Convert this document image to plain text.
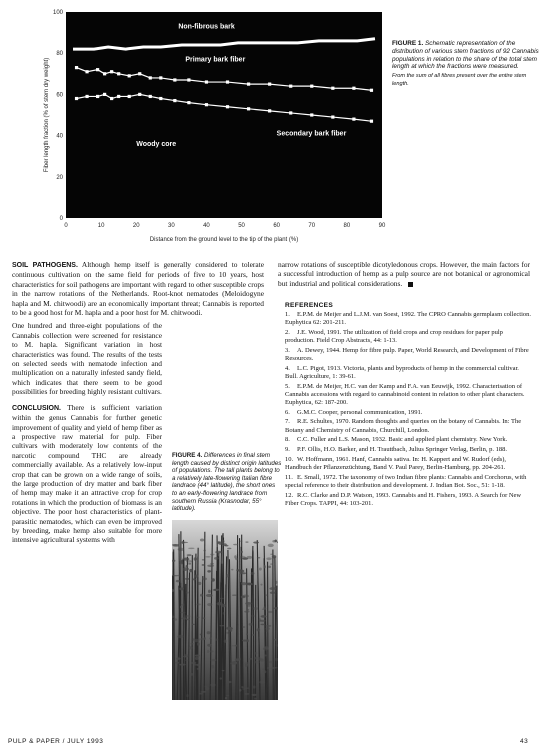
Fiber length fraction (% of stem dry weight)
Distance from the ground level to the tip of the plant (%)
0	10	20	30	40	50	60	70	80	90
0
20
40
60
80
100
Non-fibrous bark
Primary bark fiber
Woody core
Secondary bark fiber
FIGURE 1. Schematic representation of the distribution of various stem fractions of 92 Cannabis populations in relation to the share of the total stem length at which the fractions were measured.
From the sum of all fibres present over the entire stem length.

SOIL PATHOGENS. Although hemp itself is generally considered to tolerate continuous cultivation on the same field for periods of five to 10 years, host characteristics for soil pathogens are important with regard to other susceptible crops in the narrow rotations of the Netherlands. Root-knot nematodes (Meloidogyne hapla and M. chitwoodi) are an economically important threat; Cannabis is reported to be a good host for M. hapla and a poor host for M. chitwoodi.

One hundred and three-eight populations of the Cannabis collection were screened for resistance to M. hapla. Significant variation in host characteristics was found. The results of the tests on selected seeds with nematode infection and multiplication on a naturally infested sandy field, which indicates that there seem to be good possibilities for breeding highly resistant cultivars.

CONCLUSION. There is sufficient variation within the genus Cannabis for further genetic improvement of quality and yield of hemp fiber as a prospective raw material for pulp. Fiber cultivars with moderately low contents of the narcotic compound THC are already commercially available. As a relatively low-input crop that can be grown on a wide range of soils, the large production of dry matter and bark fiber of hemp may make it an attractive crop for crop rotations in which the production of biomass is an objective. The poor host characteristics of plant-parasitic nematodes, which can even be improved by breeding, make hemp also suitable for more intensive agricultural systems with

narrow rotations of susceptible dicotyledonous crops. However, the main factors for a successful introduction of hemp as a pulp source are not botanical or agronomical but industrial and political considerations.
REFERENCES
1. E.P.M. de Meijer and L.J.M. van Soest, 1992. The CPRO Cannabis germplasm collection. Euphytica 62: 201-211.
2. J.E. Wood, 1991. The utilization of field crops and crop residues for paper pulp production. Field Crop Abstracts, 44: 1-13.
3. A. Dewey, 1944. Hemp for fibre pulp. Paper, World Research, and Development of Fibre Resources.
4. L.C. Pigot, 1913. Victoria, plants and byproducts of hemp in the commercial cultivar. Bull. Agriculture, 1: 39-61.
5. E.P.M. de Meijer, H.C. van der Kamp and F.A. van Eeuwijk, 1992. Characterisation of Cannabis accessions with regard to cannabinoid content in relation to other plant characters. Euphytica, 62: 187-200.
6. G.M.C. Cooper, personal communication, 1991.
7. R.E. Schultes, 1970. Random thoughts and queries on the botany of Cannabis. In: The Botany and Chemistry of Cannabis, Churchill, London.
8. C.C. Fuller and L.S. Mason, 1932. Basic and applied plant chemistry. New York.
9. P.F. Ollis, H.O. Barker, and H. Trauttbach, Julius Springer Verlag, Berlin, p. 188.
10. W. Hoffmann, 1961. Hanf, Cannabis sativa. In: H. Kappert and W. Rudorf (eds), Handbuch der Pflanzenzüchtung, Band V. Paul Parey, Berlin-Hamburg, pp. 204-261.
11. E. Small, 1972. The taxonomy of two Indian fibre plants: Cannabis and Corchorus, with special reference to their distribution and development. J. Indian Bot. Soc., 51: 1-18.
12. R.C. Clarke and D.P. Watson, 1993. Cannabis and H. Fishers, 1993. A Search for New Fiber Crops. TAPPI, 44: 103-201.
FIGURE 4. Differences in final stem length caused by distinct origin latitudes of populations. The tall plants belong to a relatively late-flowering Italian fibre landrace (44° latitude), the short ones to an early-flowering landrace from southern Russia (Krasnodar, 55° latitude).
PULP & PAPER / JULY 1993	43
